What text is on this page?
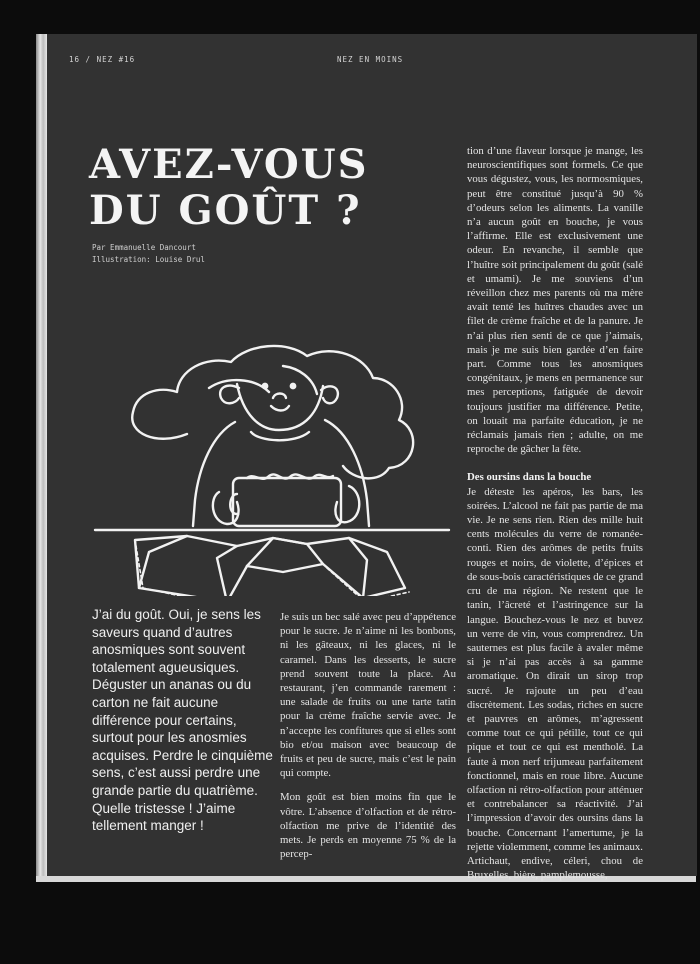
16 / NEZ #16	NEZ EN MOINS
AVEZ-VOUS
DU GOÛT ?
Par Emmanuelle Dancourt
Illustration: Louise Drul

J’ai du goût. Oui, je sens les saveurs quand d’autres anosmiques sont souvent totalement agueusiques. Déguster un ananas ou du carton ne fait aucune différence pour certains, surtout pour les anosmies acquises. Perdre le cinquième sens, c’est aussi perdre une grande partie du quatrième. Quelle tristesse ! J’aime tellement manger !

Je suis un bec salé avec peu d’appétence pour le sucre. Je n’aime ni les bonbons, ni les gâteaux, ni les glaces, ni le caramel. Dans les desserts, le sucre prend souvent toute la place. Au restaurant, j’en commande rarement : une salade de fruits ou une tarte tatin pour la crème fraîche servie avec. Je n’accepte les confitures que si elles sont bio et/ou maison avec beaucoup de fruits et peu de sucre, mais c’est le pain qui compte.

Mon goût est bien moins fin que le vôtre. L’absence d’olfaction et de rétro-olfaction me prive de l’identité des mets. Je perds en moyenne 75 % de la percep-

tion d’une flaveur lorsque je mange, les neuroscientifiques sont formels. Ce que vous dégustez, vous, les normosmiques, peut être constitué jusqu’à 90 % d’odeurs selon les aliments. La vanille n’a aucun goût en bouche, je vous l’affirme. Elle est exclusivement une odeur. En revanche, il semble que l’huître soit principalement du goût (salé et umami). Je me souviens d’un réveillon chez mes parents où ma mère avait tenté les huîtres chaudes avec un filet de crème fraîche et de la panure. Je n’ai plus rien senti de ce que j’aimais, mais je me suis bien gardée d’en faire part. Comme tous les anosmiques congénitaux, je mens en permanence sur mes perceptions, fatiguée de devoir toujours justifier ma différence. Petite, on louait ma parfaite éducation, je ne réclamais jamais rien ; adulte, on me reproche de gâcher la fête.

Des oursins dans la bouche

Je déteste les apéros, les bars, les soirées. L’alcool ne fait pas partie de ma vie. Je ne sens rien. Rien des mille huit cents molécules du verre de romanée-conti. Rien des arômes de petits fruits rouges et noirs, de violette, d’épices et de sous-bois caractéristiques de ce grand cru de ma région. Ne restent que le tanin, l’âcreté et l’astringence sur la langue. Bouchez-vous le nez et buvez un verre de vin, vous comprendrez. Un sauternes est plus facile à avaler même si je n’ai pas accès à sa gamme aromatique. On dirait un sirop trop sucré. Je rajoute un peu d’eau discrètement. Les sodas, riches en sucre et pauvres en arômes, m’agressent comme tout ce qui pétille, tout ce qui pique et tout ce qui est mentholé. La faute à mon nerf trijumeau parfaitement fonctionnel, mais en roue libre. Aucune olfaction ni rétro-olfaction pour atténuer et contrebalancer sa réactivité. J’ai l’impression d’avoir des oursins dans la bouche. Concernant l’amertume, je la rejette violemment, comme les animaux. Artichaut, endive, céleri, chou de Bruxelles, bière, pamplemousse,
